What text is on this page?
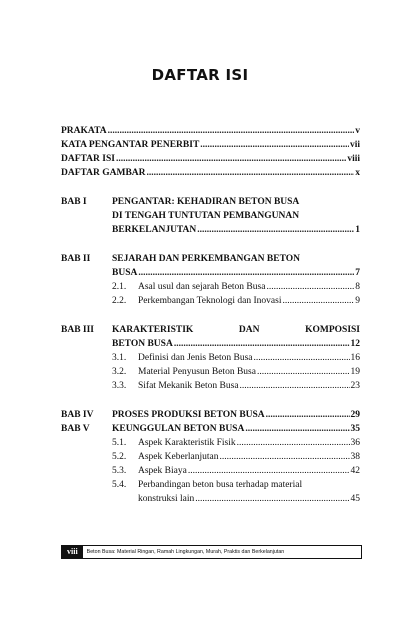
DAFTAR ISI
PRAKATA .....	v
KATA PENGANTAR PENERBIT .....	vii
DAFTAR ISI .....	viii
DAFTAR GAMBAR .....	x
BAB I	PENGANTAR: KEHADIRAN BETON BUSA
DI TENGAH TUNTUTAN PEMBANGUNAN
BERKELANJUTAN .....	1
BAB II SEJARAH DAN PERKEMBANGAN BETON
BUSA .....	7
2.1.	Asal usul dan sejarah Beton Busa .....	8
2.2.	Perkembangan Teknologi dan Inovasi .....	9
BAB III KARAKTERISTIK	DAN	KOMPOSISI
BETON BUSA .....	12
3.1.	Definisi dan Jenis Beton Busa .....	16
3.2.	Material Penyusun Beton Busa .....	19
3.3.	Sifat Mekanik Beton Busa .....	23
BAB IV PROSES PRODUKSI BETON BUSA .....	29
BAB V KEUNGGULAN BETON BUSA .....	35
5.1.	Aspek Karakteristik Fisik .....	36
5.2.	Aspek Keberlanjutan .....	38
5.3.	Aspek Biaya .....	42
5.4.	Perbandingan beton busa terhadap material
konstruksi lain .....	45
viii	Beton Busa: Material Ringan, Ramah Lingkungan, Murah, Praktis dan Berkelanjutan
